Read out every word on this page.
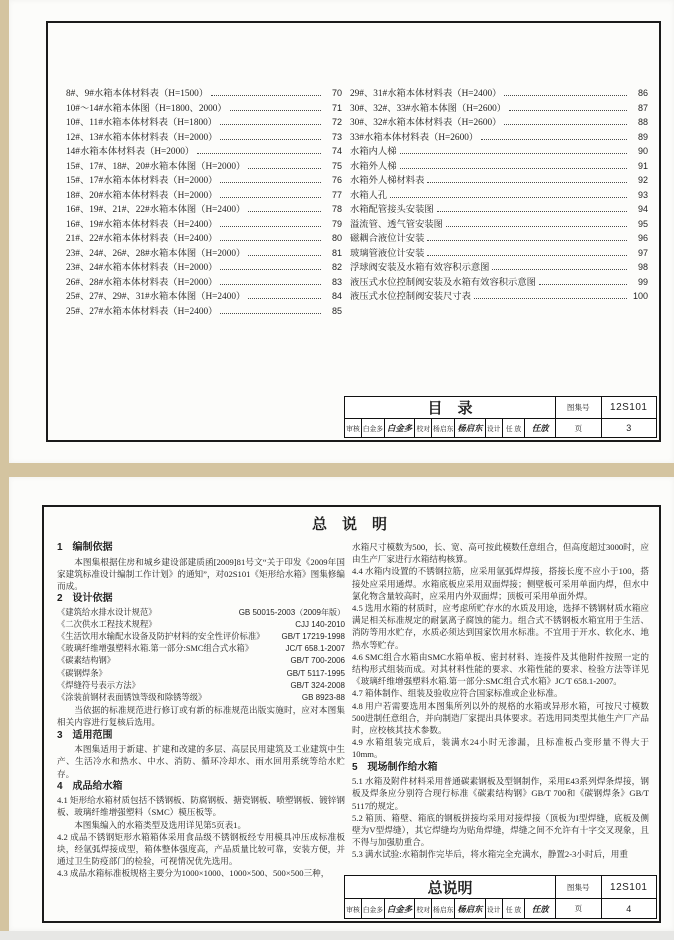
8#、9#水箱本体材料表（H=1500）	70
10#～14#水箱本体图（H=1800、2000）	71
10#、11#水箱本体材料表（H=1800）	72
12#、13#水箱本体材料表（H=2000）	73
14#水箱本体材料表（H=2000）	74
15#、17#、18#、20#水箱本体图（H=2000）	75
15#、17#水箱本体材料表（H=2000）	76
18#、20#水箱本体材料表（H=2000）	77
16#、19#、21#、22#水箱本体图（H=2400）	78
16#、19#水箱本体材料表（H=2400）	79
21#、22#水箱本体材料表（H=2400）	80
23#、24#、26#、28#水箱本体图（H=2000）	81
23#、24#水箱本体材料表（H=2000）	82
26#、28#水箱本体材料表（H=2000）	83
25#、27#、29#、31#水箱本体图（H=2400）	84
25#、27#水箱本体材料表（H=2400）	85
29#、31#水箱本体材料表（H=2400）	86
30#、32#、33#水箱本体图（H=2600）	87
30#、32#水箱本体材料表（H=2600）	88
33#水箱本体材料表（H=2600）	89
水箱内人梯	90
水箱外人梯	91
水箱外人梯材料表	92
水箱人孔	93
水箱配管接头安装图	94
溢流管、透气管安装图	95
磁耦合液位计安装	96
玻璃管液位计安装	97
浮球阀安装及水箱有效容积示意图	98
液压式水位控制阀安装及水箱有效容积示意图	99
液压式水位控制阀安装尺寸表	100
目　录	图集号	12S101
审核 白金多 白金多 校对 杨启东 杨启东 设计 任 放 任放	页	3
总　说　明
1　编制依据
本图集根据住房和城乡建设部建质函[2009]81号文“关于印发《2009年国家建筑标准设计编制工作计划》的通知”，对02S101《矩形给水箱》图集修编而成。
2　设计依据
《建筑给水排水设计规范》	GB 50015-2003（2009年版）
《二次供水工程技术规程》	CJJ 140-2010
《生活饮用水输配水设备及防护材料的安全性评价标准》 GB/T 17219-1998
《玻璃纤维增强塑料水箱.第一部分:SMC组合式水箱》	JC/T 658.1-2007
《碳素结构钢》	GB/T 700-2006
《碳钢焊条》	GB/T 5117-1995
《焊缝符号表示方法》	GB/T 324-2008
《涂装前钢材表面锈蚀等级和除锈等级》	GB 8923-88
当依据的标准规范进行修订或有新的标准规范出版实施时，应对本图集相关内容进行复核后选用。
3　适用范围
本图集适用于新建、扩建和改建的多层、高层民用建筑及工业建筑中生产、生活冷水和热水、中水、消防、循环冷却水、雨水回用系统等给水贮存。
4　成品给水箱
4.1 矩形给水箱材质包括不锈钢板、防腐钢板、搪瓷钢板、喷塑钢板、镀锌钢板、玻璃纤维增强塑料（SMC）模压板等。
本图集编入的水箱类型及选用详见第5页表1。
4.2 成品不锈钢矩形水箱箱体采用食品级不锈钢板经专用模具冲压成标准板块，经氩弧焊接成型，箱体整体强度高，产品质量比较可靠，安装方便，并通过卫生防疫部门的检验，可视情况优先选用。
4.3 成品水箱标准板规格主要分为1000×1000、1000×500、500×500三种，
水箱尺寸模数为500，长、宽、高可按此模数任意组合，但高度超过3000时，应由生产厂家进行水箱结构核算。
4.4 水箱内设置的不锈钢拉筋，应采用氩弧焊焊接，搭接长度不应小于100，搭接处应采用通焊。水箱底板应采用双面焊接；侧壁板可采用单面内焊，但水中氯化物含量较高时，应采用内外双面焊；顶板可采用单面外焊。
4.5 选用水箱的材质时，应考虑所贮存水的水质及用途，选择不锈钢材质水箱应满足相关标准规定的耐氯离子腐蚀的能力。组合式不锈钢板水箱宜用于生活、消防等用水贮存，水质必须达到国家饮用水标准。不宜用于开水、软化水、地热水等贮存。
4.6 SMC组合水箱由SMC水箱单板、密封材料、连接件及其他附件按照一定的结构形式组装而成。对其材料性能的要求、水箱性能的要求、检验方法等详见《玻璃纤维增强塑料水箱.第一部分:SMC组合式水箱》JC/T 658.1-2007。
4.7 箱体制作、组装及验收应符合国家标准或企业标准。
4.8 用户若需要选用本图集所列以外的规格的水箱或异形水箱，可按尺寸模数500进制任意组合，并向制造厂家提出具体要求。若选用同类型其他生产厂产品时，应校核其技术参数。
4.9 水箱组装完成后，装满水24小时无渗漏，且标准板凸变形量不得大于10mm。
5　现场制作给水箱
5.1 水箱及附件材料采用普通碳素钢板及型钢制作，采用E43系列焊条焊接，钢板及焊条应分别符合现行标准《碳素结构钢》GB/T 700和《碳钢焊条》GB/T 5117的规定。
5.2 箱顶、箱壁、箱底的钢板拼接均采用对接焊接（顶板为I型焊缝，底板及侧壁为V型焊缝），其它焊缝均为贴角焊缝，焊缝之间不允许有十字交叉现象，且不得与加强肋重合。
5.3 满水试验:水箱制作完毕后，将水箱完全充满水，静置2-3小时后，用重
总说明	图集号	12S101
审核 白金多 白金多 校对 杨启东 杨启东 设计 任 放 任放	页	4
